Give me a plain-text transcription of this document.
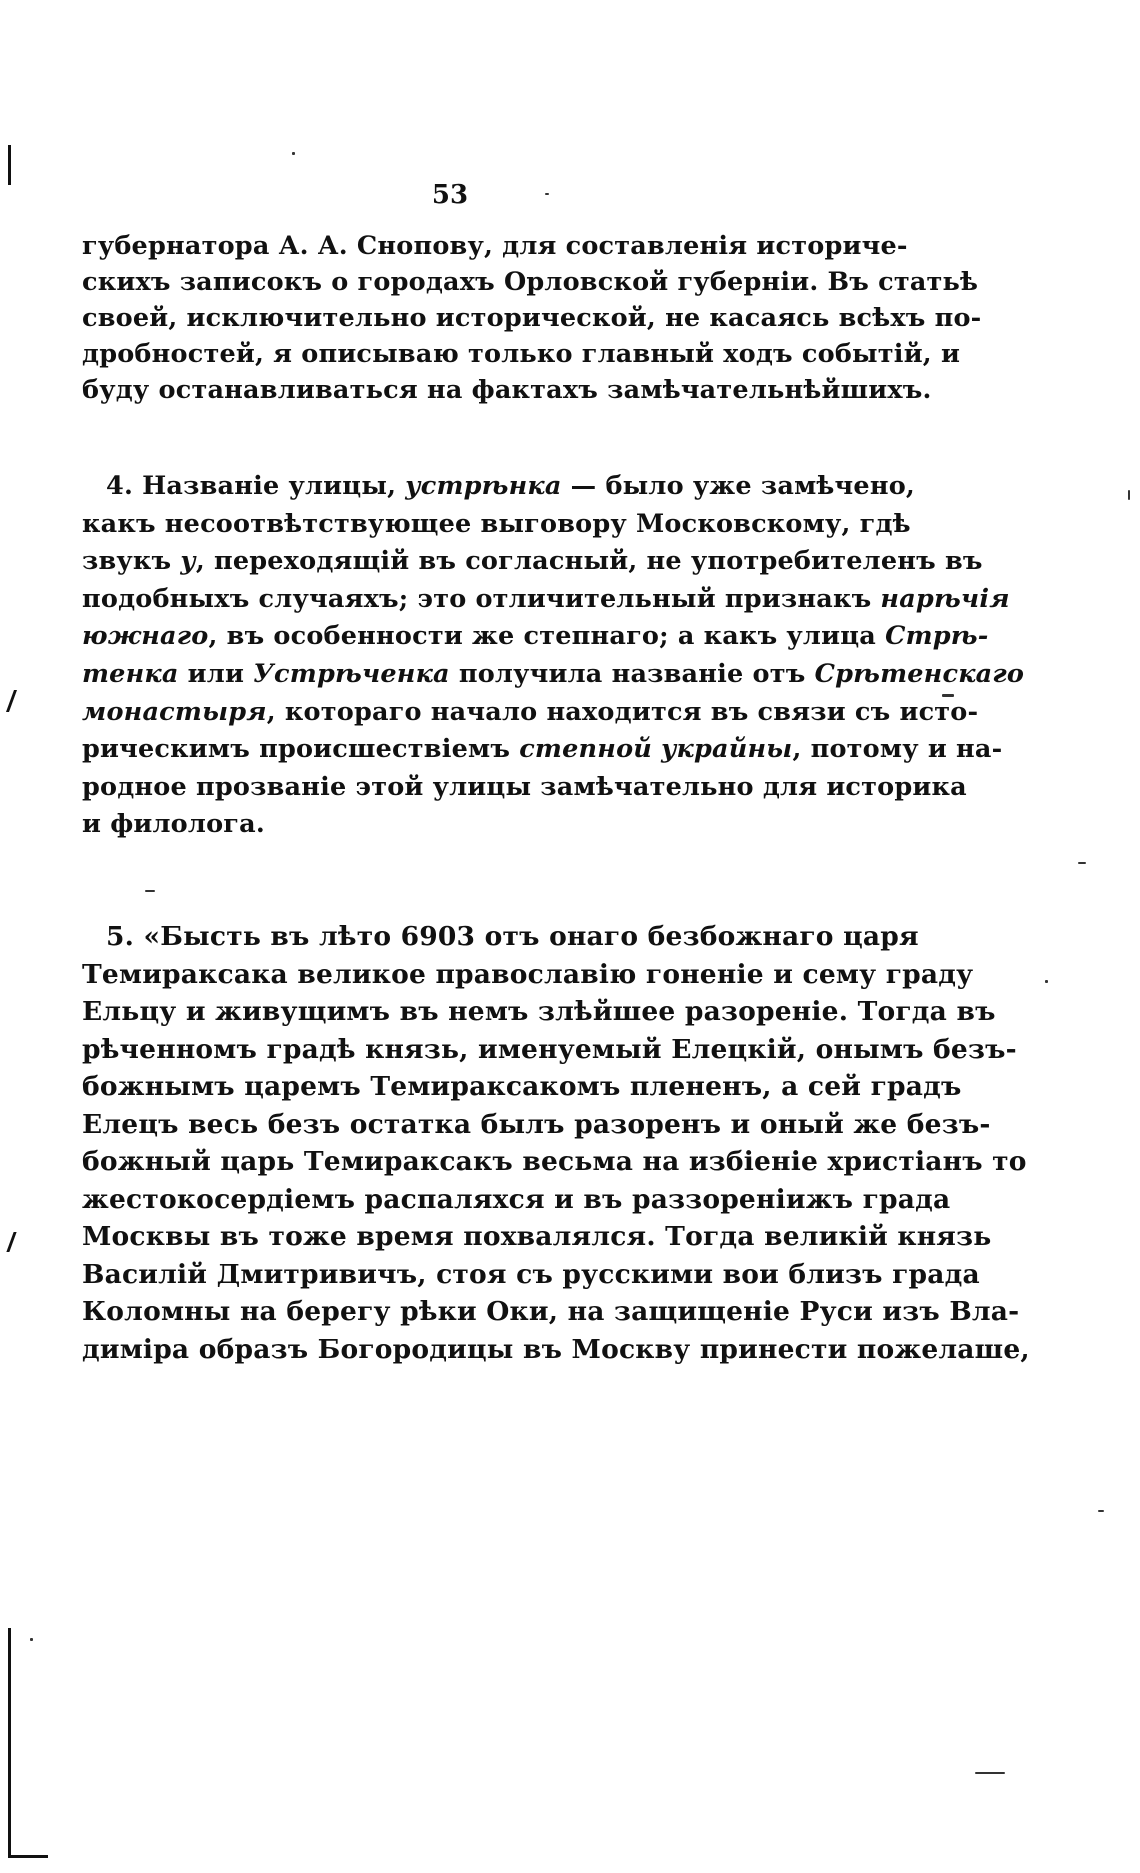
53
губернатора А. А. Снопову, для составленія историче-
скихъ записокъ о городахъ Орловской губерніи. Въ статьѣ
своей, исключительно исторической, не касаясь всѣхъ по-
дробностей, я описываю только главный ходъ событій, и
буду останавливаться на фактахъ замѣчательнѣйшихъ.
4. Названіе улицы, устрѣнка — было уже замѣчено,
какъ несоотвѣтствующее выговору Московскому, гдѣ
звукъ у, переходящій въ согласный, не употребителенъ въ
подобныхъ случаяхъ; это отличительный признакъ нарѣчія
южнаго, въ особенности же степнаго; а какъ улица Стрѣ-
тенка или Устрѣченка получила названіе отъ Срѣтенскаго
монастыря, котораго начало находится въ связи съ исто-
рическимъ происшествіемъ степной украйны, потому и на-
родное прозваніе этой улицы замѣчательно для историка
и филолога.
5. «Бысть въ лѣто 6903 отъ онаго безбожнаго царя
Темираксака великое православію гоненіе и сему граду
Ельцу и живущимъ въ немъ злѣйшее разореніе. Тогда въ
рѣченномъ градѣ князь, именуемый Елецкій, онымъ безъ-
божнымъ царемъ Темираксакомъ плененъ, а сей градъ
Елецъ весь безъ остатка былъ разоренъ и оный же безъ-
божный царь Темираксакъ весьма на избіеніе христіанъ то
жестокосердіемъ распаляхся и въ раззореніижъ града
Москвы въ тоже время похвалялся. Тогда великій князь
Василій Дмитривичъ, стоя съ русскими вои близъ града
Коломны на берегу рѣки Оки, на защищеніе Руси изъ Вла-
диміра образъ Богородицы въ Москву принести пожелаше,
